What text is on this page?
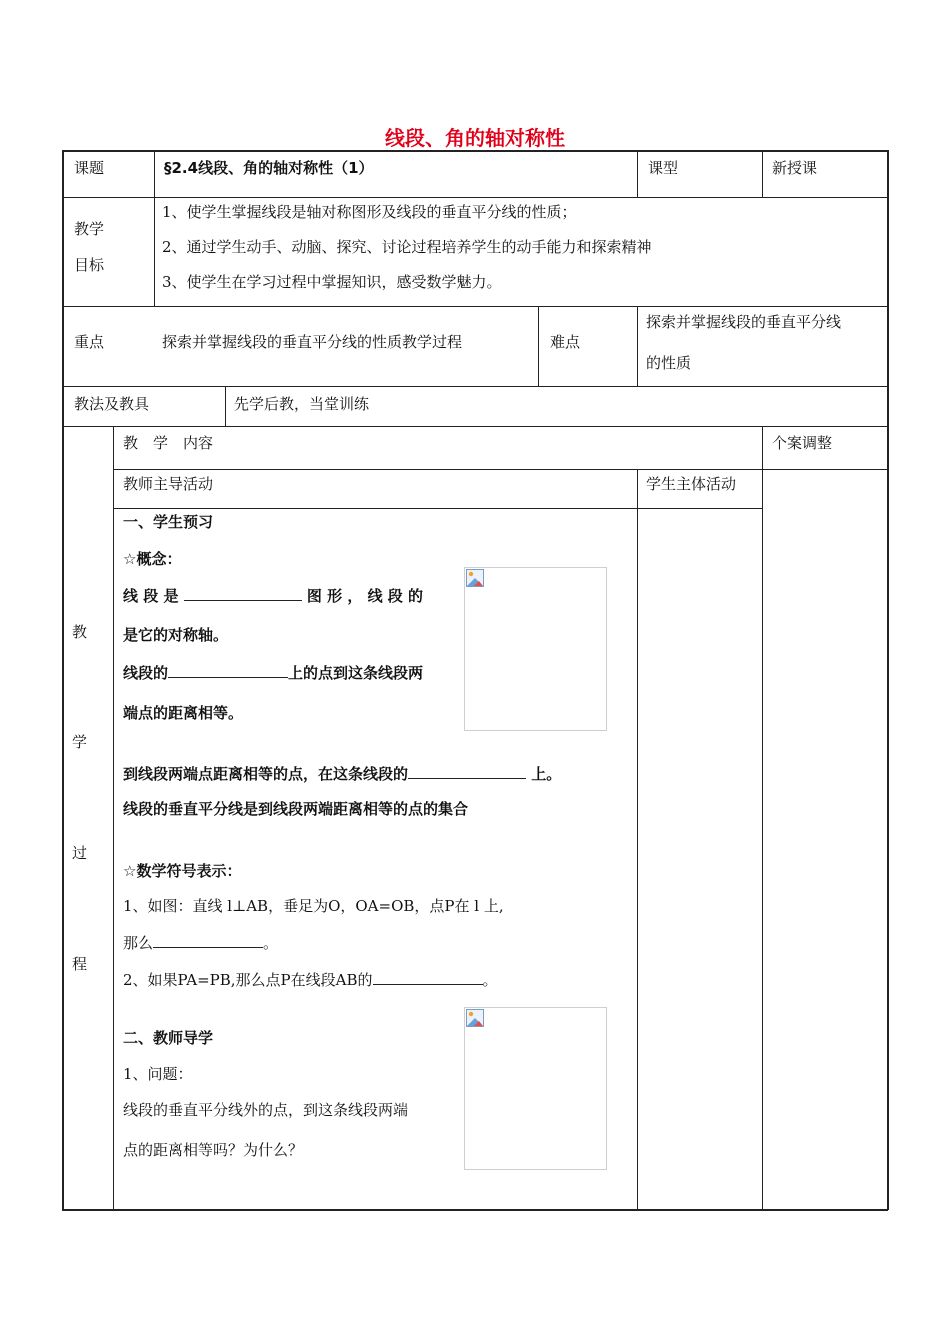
线段、角的轴对称性
课题	§2.4线段、角的轴对称性（1）	课型	新授课
教学
目标
1、使学生掌握线段是轴对称图形及线段的垂直平分线的性质；
2、通过学生动手、动脑、探究、讨论过程培养学生的动手能力和探索精神
3、使学生在学习过程中掌握知识，感受数学魅力。
重点	探索并掌握线段的垂直平分线的性质教学过程	难点
探索并掌握线段的垂直平分线
的性质
教法及教具	先学后教，当堂训练
教
学
过
程
教　学　内容	个案调整
教师主导活动	学生主体活动
一、学生预习
☆概念：
线 段 是	图 形 ， 线 段 的
是它的对称轴。
线段的	上的点到这条线段两
端点的距离相等。
到线段两端点距离相等的点，在这条线段的	上。
线段的垂直平分线是到线段两端距离相等的点的集合
☆数学符号表示：
1、如图：直线 l⊥AB，垂足为O，OA=OB，点P在 l 上,
那么	。
2、如果PA=PB,那么点P在线段AB的	。
二、教师导学
1、问题：
线段的垂直平分线外的点，到这条线段两端
点的距离相等吗？为什么？
